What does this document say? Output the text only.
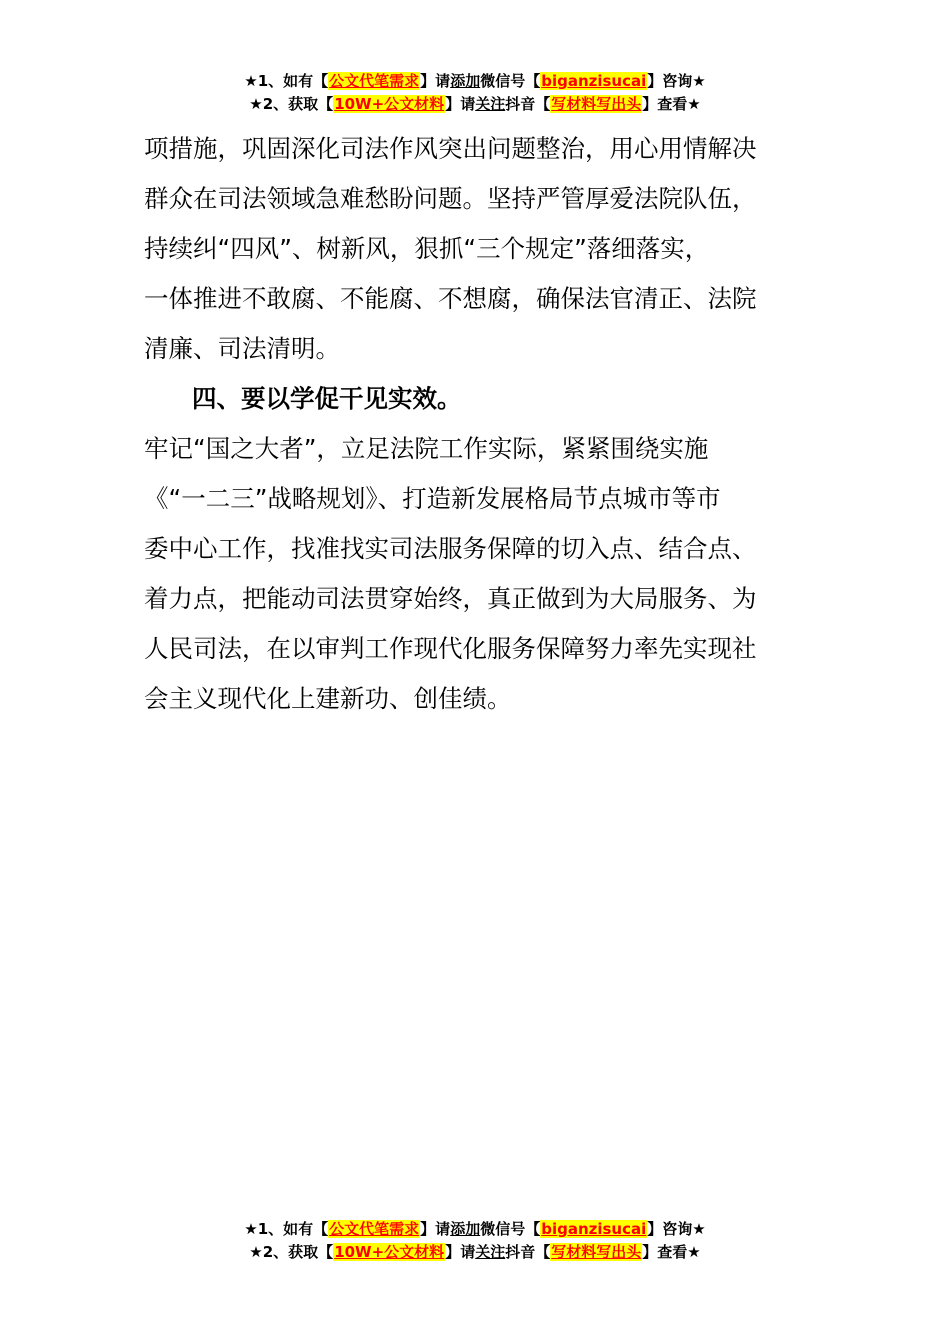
★1、如有【公文代笔需求】请添加微信号【biganzisucai】咨询★
★2、获取【10W+公文材料】请关注抖音【写材料写出头】查看★
项措施，巩固深化司法作风突出问题整治，用心用情解决
群众在司法领域急难愁盼问题。坚持严管厚爱法院队伍，
持续纠“四风”、树新风，狠抓“三个规定”落细落实，
一体推进不敢腐、不能腐、不想腐，确保法官清正、法院
清廉、司法清明。
四、要以学促干见实效。
牢记“国之大者”，立足法院工作实际，紧紧围绕实施
《“一二三”战略规划》、打造新发展格局节点城市等市
委中心工作，找准找实司法服务保障的切入点、结合点、
着力点，把能动司法贯穿始终，真正做到为大局服务、为
人民司法，在以审判工作现代化服务保障努力率先实现社
会主义现代化上建新功、创佳绩。
★1、如有【公文代笔需求】请添加微信号【biganzisucai】咨询★
★2、获取【10W+公文材料】请关注抖音【写材料写出头】查看★
